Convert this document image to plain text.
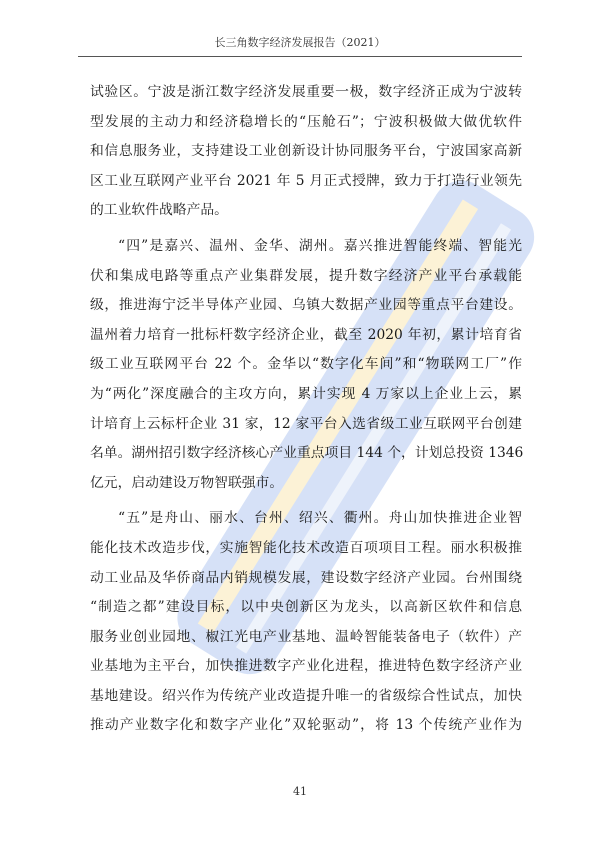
长三角数字经济发展报告（2021）
试验区。宁波是浙江数字经济发展重要一极，数字经济正成为宁波转
型发展的主动力和经济稳增长的“压舱石”；宁波积极做大做优软件
和信息服务业，支持建设工业创新设计协同服务平台，宁波国家高新
区工业互联网产业平台 2021 年 5 月正式授牌，致力于打造行业领先
的工业软件战略产品。
“四”是嘉兴、温州、金华、湖州。嘉兴推进智能终端、智能光
伏和集成电路等重点产业集群发展，提升数字经济产业平台承载能
级，推进海宁泛半导体产业园、乌镇大数据产业园等重点平台建设。
温州着力培育一批标杆数字经济企业，截至 2020 年初，累计培育省
级工业互联网平台 22 个。金华以“数字化车间”和“物联网工厂”作
为“两化”深度融合的主攻方向，累计实现 4 万家以上企业上云，累
计培育上云标杆企业 31 家，12 家平台入选省级工业互联网平台创建
名单。湖州招引数字经济核心产业重点项目 144 个，计划总投资 1346
亿元，启动建设万物智联强市。
“五”是舟山、丽水、台州、绍兴、衢州。舟山加快推进企业智
能化技术改造步伐，实施智能化技术改造百项项目工程。丽水积极推
动工业品及华侨商品内销规模发展，建设数字经济产业园。台州围绕
“制造之都”建设目标，以中央创新区为龙头，以高新区软件和信息
服务业创业园地、椒江光电产业基地、温岭智能装备电子（软件）产
业基地为主平台，加快推进数字产业化进程，推进特色数字经济产业
基地建设。绍兴作为传统产业改造提升唯一的省级综合性试点，加快
推动产业数字化和数字产业化”双轮驱动”，将 13 个传统产业作为
41
